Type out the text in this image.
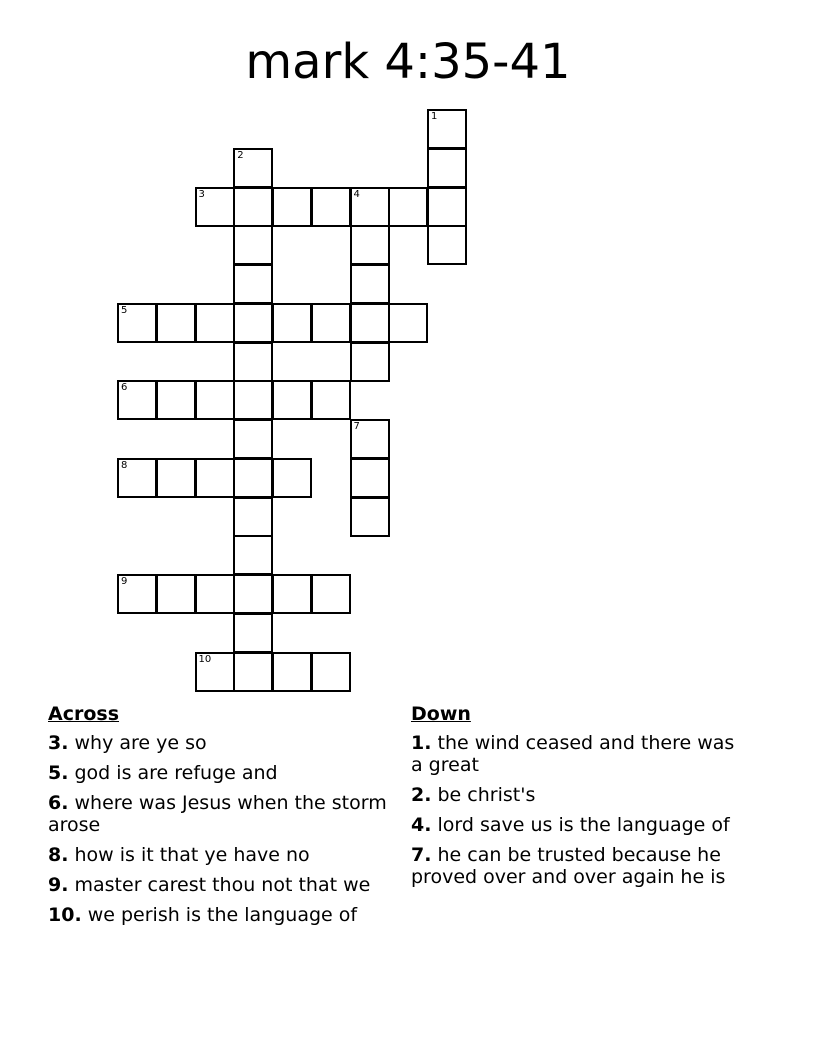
mark 4:35-41
1
2
3	4
5
6
7
8
9
10
Across
3. why are ye so
5. god is are refuge and
6. where was Jesus when the storm arose
8. how is it that ye have no
9. master carest thou not that we
10. we perish is the language of
Down
1. the wind ceased and there was a great
2. be christ's
4. lord save us is the language of
7. he can be trusted because he proved over and over again he is
